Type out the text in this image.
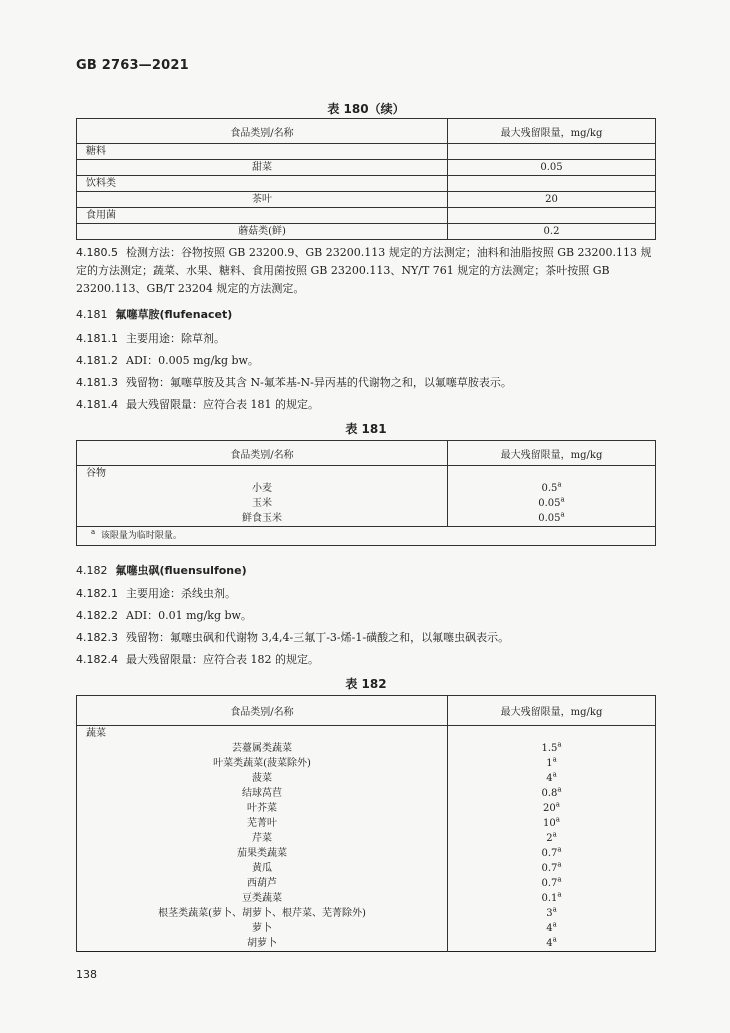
GB 2763—2021
表 180（续）
食品类别/名称	最大残留限量，mg/kg
糖料	
甜菜	0.05
饮料类	
茶叶	20
食用菌	
蘑菇类(鲜)	0.2
4.180.5 检测方法：谷物按照 GB 23200.9、GB 23200.113 规定的方法测定；油料和油脂按照 GB 23200.113 规定的方法测定；蔬菜、水果、糖料、食用菌按照 GB 23200.113、NY/T 761 规定的方法测定；茶叶按照 GB 23200.113、GB/T 23204 规定的方法测定。
4.181 氟噻草胺(flufenacet)
4.181.1 主要用途：除草剂。
4.181.2 ADI：0.005 mg/kg bw。
4.181.3 残留物：氟噻草胺及其含 N-氟苯基-N-异丙基的代谢物之和，以氟噻草胺表示。
4.181.4 最大残留限量：应符合表 181 的规定。
表 181
食品类别/名称	最大残留限量，mg/kg
谷物	
小麦	0.5$^a$
玉米	0.05$^a$
鲜食玉米	0.05$^a$
$^a$ 该限量为临时限量。	
4.182 氟噻虫砜(fluensulfone)
4.182.1 主要用途：杀线虫剂。
4.182.2 ADI：0.01 mg/kg bw。
4.182.3 残留物：氟噻虫砜和代谢物 3,4,4-三氟丁-3-烯-1-磺酸之和，以氟噻虫砜表示。
4.182.4 最大残留限量：应符合表 182 的规定。
表 182
食品类别/名称	最大残留限量，mg/kg
蔬菜	
芸薹属类蔬菜	1.5$^a$
叶菜类蔬菜(菠菜除外)	1$^a$
菠菜	4$^a$
结球莴苣	0.8$^a$
叶芥菜	20$^a$
芜菁叶	10$^a$
芹菜	2$^a$
茄果类蔬菜	0.7$^a$
黄瓜	0.7$^a$
西葫芦	0.7$^a$
豆类蔬菜	0.1$^a$
根茎类蔬菜(萝卜、胡萝卜、根芹菜、芜菁除外)	3$^a$
萝卜	4$^a$
胡萝卜	4$^a$
138
